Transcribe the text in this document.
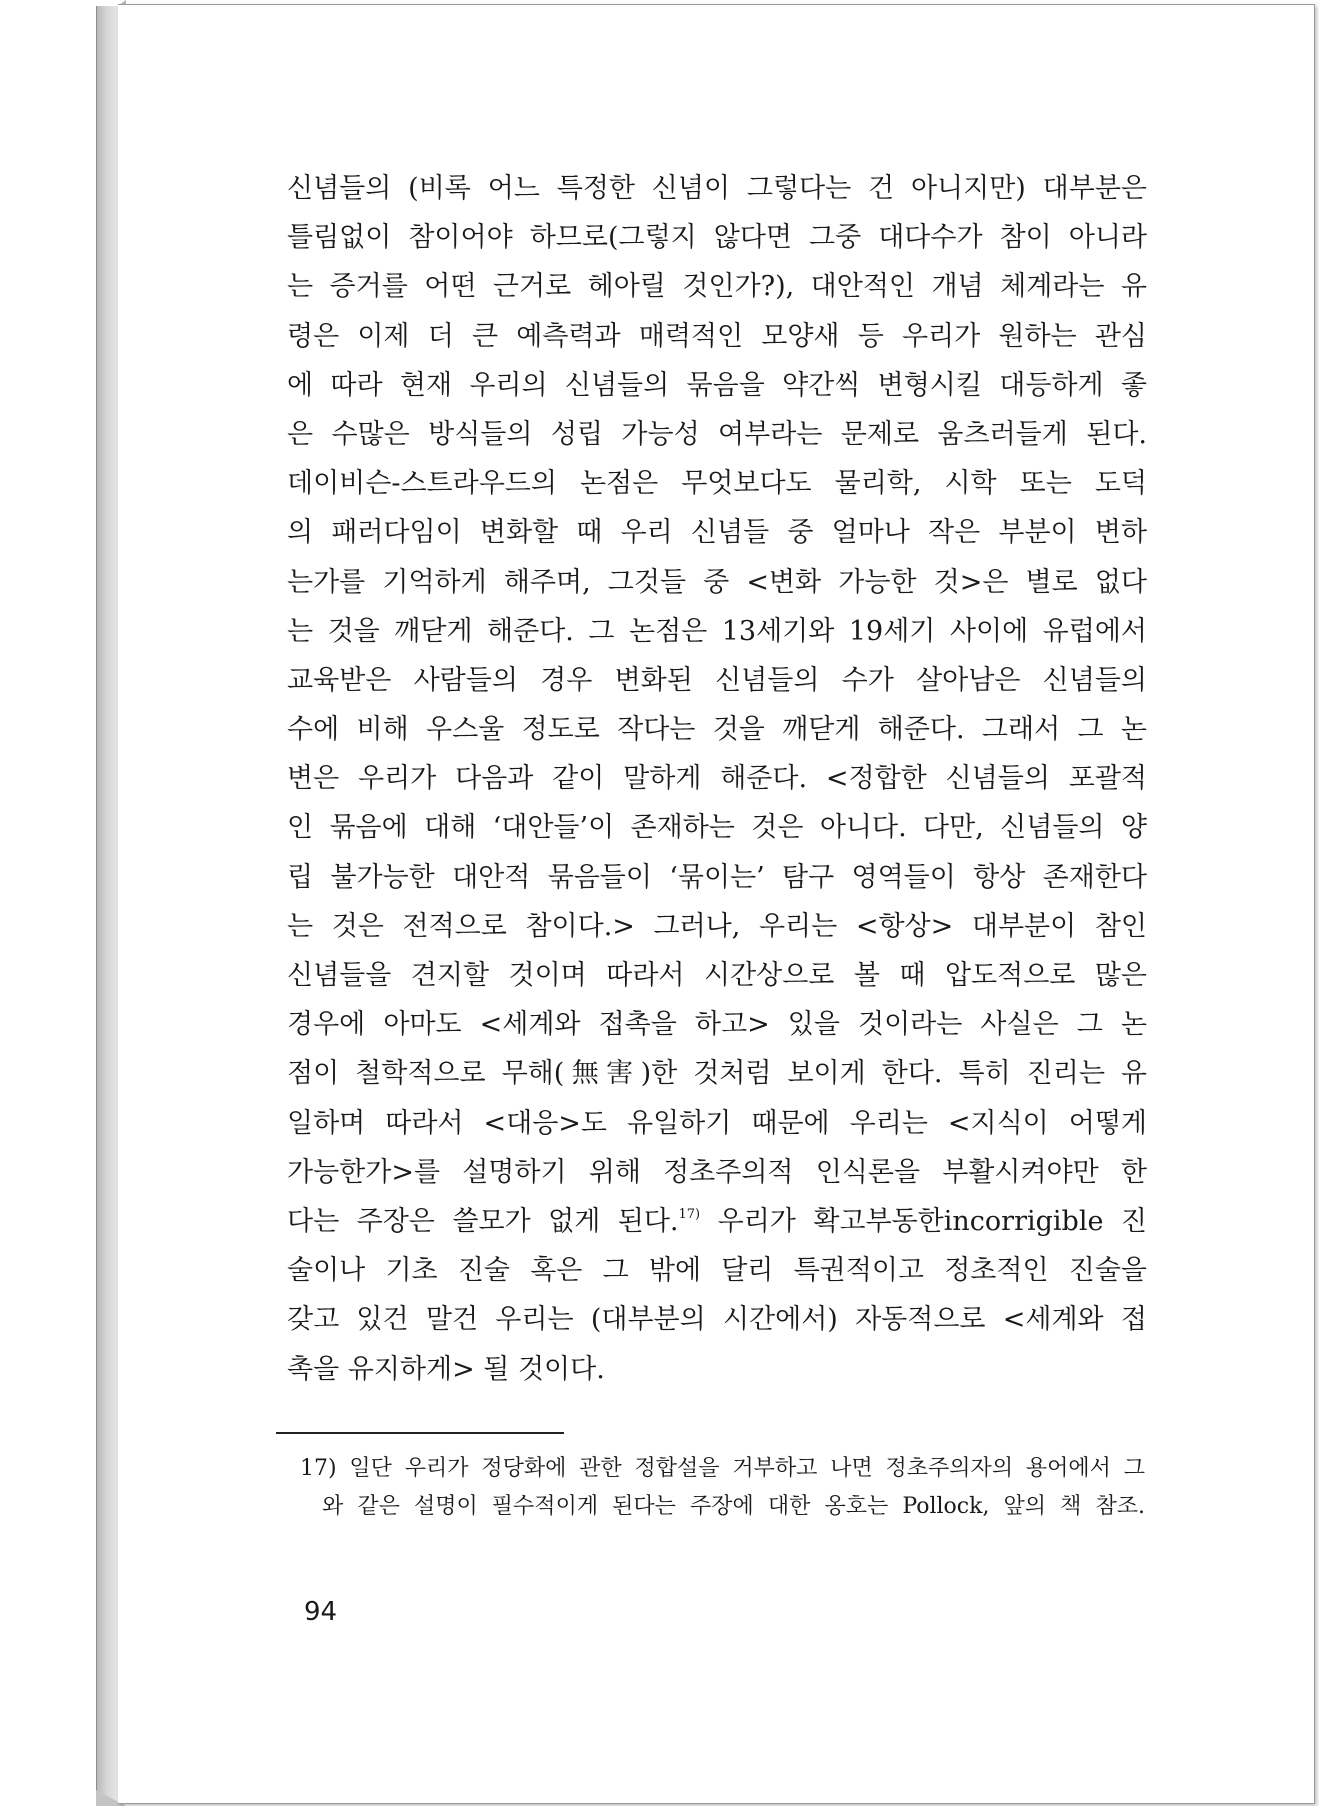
신념들의 (비록 어느 특정한 신념이 그렇다는 건 아니지만) 대부분은
틀림없이 참이어야 하므로(그렇지 않다면 그중 대다수가 참이 아니라
는 증거를 어떤 근거로 헤아릴 것인가?), 대안적인 개념 체계라는 유
령은 이제 더 큰 예측력과 매력적인 모양새 등 우리가 원하는 관심
에 따라 현재 우리의 신념들의 묶음을 약간씩 변형시킬 대등하게 좋
은 수많은 방식들의 성립 가능성 여부라는 문제로 움츠러들게 된다.
데이비슨-스트라우드의 논점은 무엇보다도 물리학, 시학 또는 도덕
의 패러다임이 변화할 때 우리 신념들 중 얼마나 작은 부분이 변하
는가를 기억하게 해주며, 그것들 중 <변화 가능한 것>은 별로 없다
는 것을 깨닫게 해준다. 그 논점은 13세기와 19세기 사이에 유럽에서
교육받은 사람들의 경우 변화된 신념들의 수가 살아남은 신념들의
수에 비해 우스울 정도로 작다는 것을 깨닫게 해준다. 그래서 그 논
변은 우리가 다음과 같이 말하게 해준다. <정합한 신념들의 포괄적
인 묶음에 대해 ‘대안들’이 존재하는 것은 아니다. 다만, 신념들의 양
립 불가능한 대안적 묶음들이 ‘묶이는’ 탐구 영역들이 항상 존재한다
는 것은 전적으로 참이다.> 그러나, 우리는 <항상> 대부분이 참인
신념들을 견지할 것이며 따라서 시간상으로 볼 때 압도적으로 많은
경우에 아마도 <세계와 접촉을 하고> 있을 것이라는 사실은 그 논
점이 철학적으로 무해(無害)한 것처럼 보이게 한다. 특히 진리는 유
일하며 따라서 <대응>도 유일하기 때문에 우리는 <지식이 어떻게
가능한가>를 설명하기 위해 정초주의적 인식론을 부활시켜야만 한
다는 주장은 쓸모가 없게 된다.$^{17)}$ 우리가 확고부동한incorrigible 진
술이나 기초 진술 혹은 그 밖에 달리 특권적이고 정초적인 진술을
갖고 있건 말건 우리는 (대부분의 시간에서) 자동적으로 <세계와 접
촉을 유지하게> 될 것이다.
17) 일단 우리가 정당화에 관한 정합설을 거부하고 나면 정초주의자의 용어에서 그
와 같은 설명이 필수적이게 된다는 주장에 대한 옹호는 Pollock, 앞의 책 참조.
94
